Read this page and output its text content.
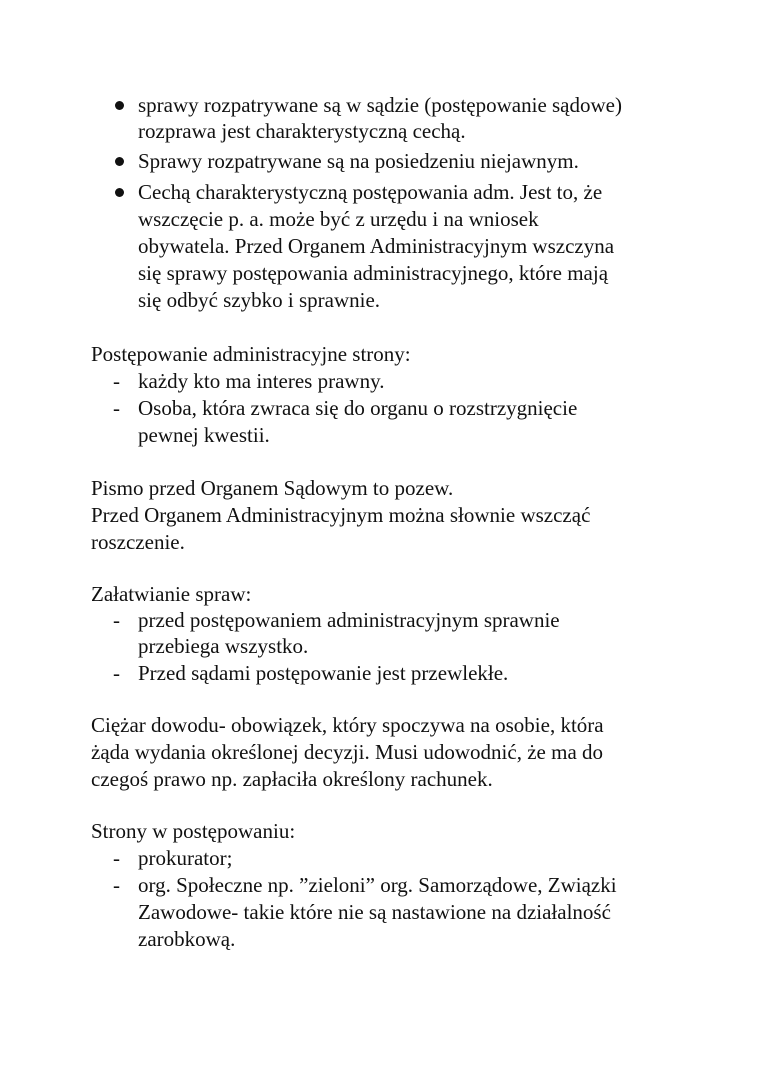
sprawy rozpatrywane są w sądzie (postępowanie sądowe)

rozprawa jest charakterystyczną cechą.

Sprawy rozpatrywane są na posiedzeniu niejawnym.

Cechą charakterystyczną postępowania adm. Jest to, że

wszczęcie p. a. może być z urzędu i na wniosek

obywatela. Przed Organem Administracyjnym wszczyna

się sprawy postępowania administracyjnego, które mają

się odbyć szybko i sprawnie.

Postępowanie administracyjne strony:

- każdy kto ma interes prawny.

- Osoba, która zwraca się do organu o rozstrzygnięcie

pewnej kwestii.

Pismo przed Organem Sądowym to pozew.

Przed Organem Administracyjnym można słownie wszcząć

roszczenie.

Załatwianie spraw:

- przed postępowaniem administracyjnym sprawnie

przebiega wszystko.

- Przed sądami postępowanie jest przewlekłe.

Ciężar dowodu- obowiązek, który spoczywa na osobie, która

żąda wydania określonej decyzji. Musi udowodnić, że ma do

czegoś prawo np. zapłaciła określony rachunek.

Strony w postępowaniu:

- prokurator;

- org. Społeczne np. ”zieloni” org. Samorządowe, Związki

Zawodowe- takie które nie są nastawione na działalność

zarobkową.
